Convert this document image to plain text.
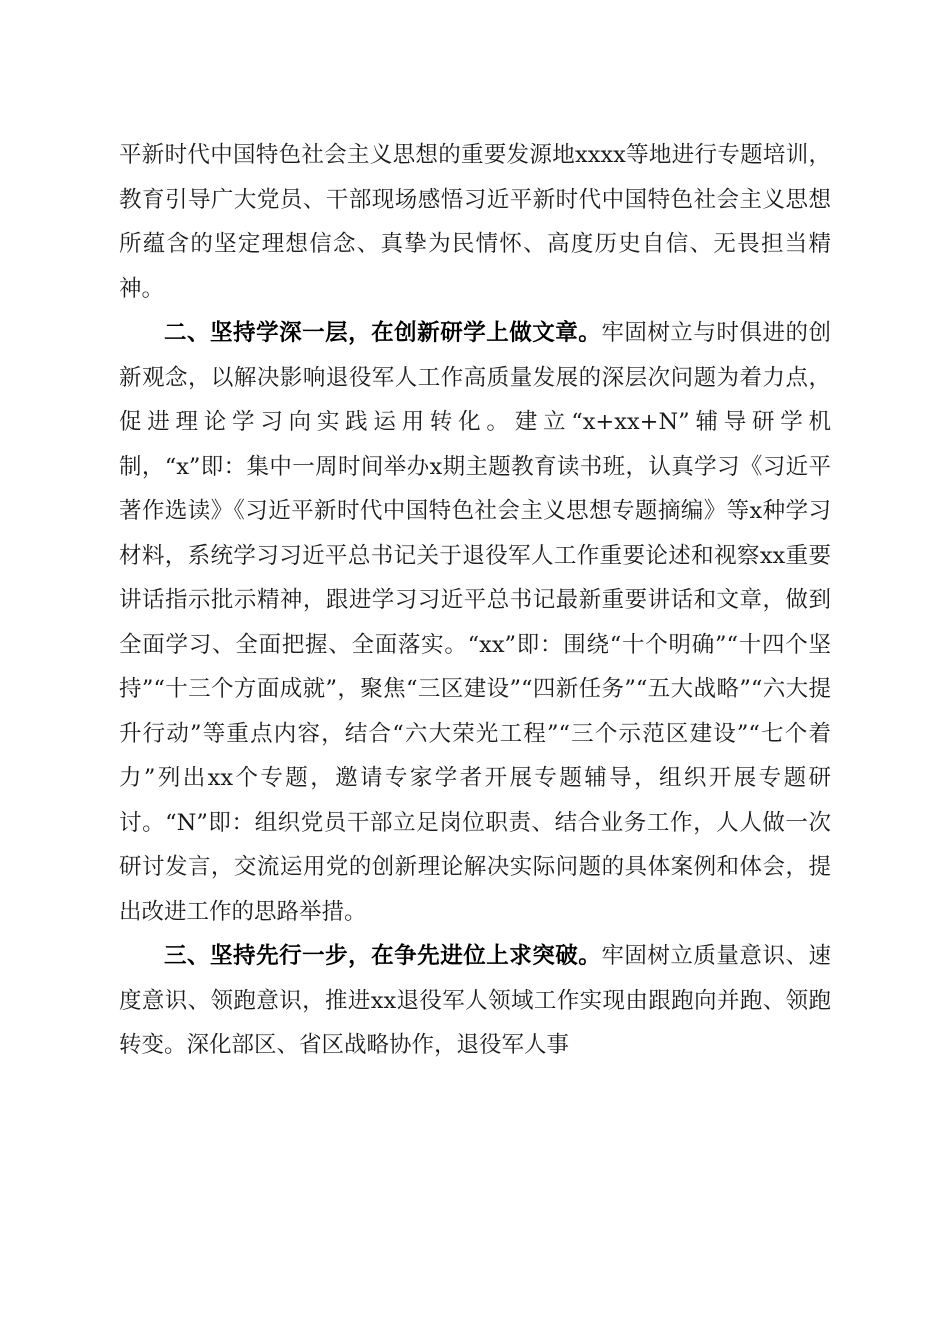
平新时代中国特色社会主义思想的重要发源地xxxx等地进行专题培训，教育引导广大党员、干部现场感悟习近平新时代中国特色社会主义思想所蕴含的坚定理想信念、真挚为民情怀、高度历史自信、无畏担当精神。

二、坚持学深一层，在创新研学上做文章。牢固树立与时俱进的创新观念，以解决影响退役军人工作高质量发展的深层次问题为着力点，促进理论学习向实践运用转化。建立“x+xx+N”辅导研学机制，“x”即：集中一周时间举办x期主题教育读书班，认真学习《习近平著作选读》《习近平新时代中国特色社会主义思想专题摘编》等x种学习材料，系统学习习近平总书记关于退役军人工作重要论述和视察xx重要讲话指示批示精神，跟进学习习近平总书记最新重要讲话和文章，做到全面学习、全面把握、全面落实。“xx”即：围绕“十个明确”“十四个坚持”“十三个方面成就”，聚焦“三区建设”“四新任务”“五大战略”“六大提升行动”等重点内容，结合“六大荣光工程”“三个示范区建设”“七个着力”列出xx个专题，邀请专家学者开展专题辅导，组织开展专题研讨。“N”即：组织党员干部立足岗位职责、结合业务工作，人人做一次研讨发言，交流运用党的创新理论解决实际问题的具体案例和体会，提出改进工作的思路举措。

三、坚持先行一步，在争先进位上求突破。牢固树立质量意识、速度意识、领跑意识，推进xx退役军人领域工作实现由跟跑向并跑、领跑转变。深化部区、省区战略协作，退役军人事
